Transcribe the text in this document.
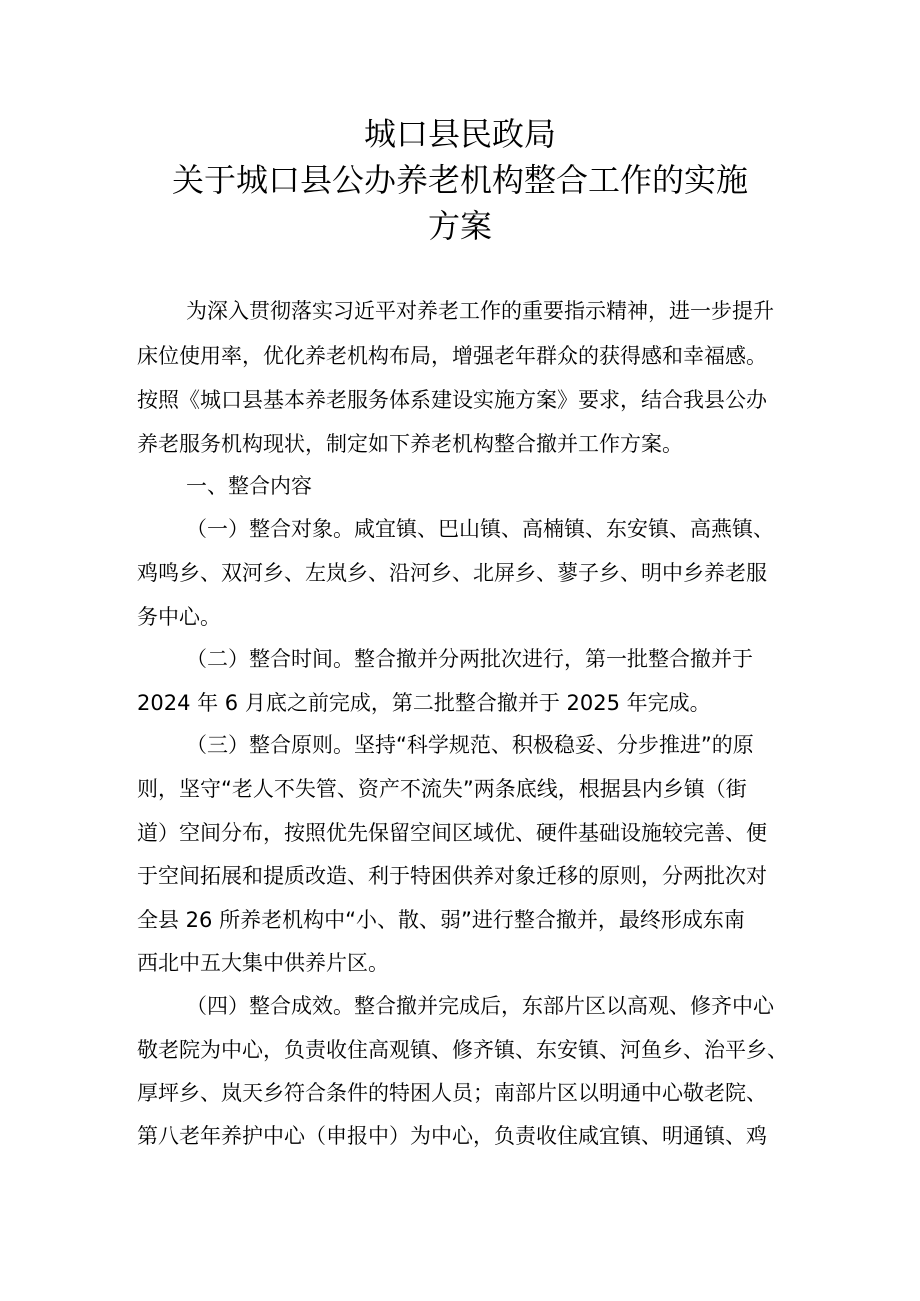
城口县民政局
关于城口县公办养老机构整合工作的实施
方案
为深入贯彻落实习近平对养老工作的重要指示精神，进一步提升
床位使用率，优化养老机构布局，增强老年群众的获得感和幸福感。
按照《城口县基本养老服务体系建设实施方案》要求，结合我县公办
养老服务机构现状，制定如下养老机构整合撤并工作方案。
一、整合内容
（一）整合对象。咸宜镇、巴山镇、高楠镇、东安镇、高燕镇、
鸡鸣乡、双河乡、左岚乡、沿河乡、北屏乡、蓼子乡、明中乡养老服
务中心。
（二）整合时间。整合撤并分两批次进行，第一批整合撤并于
2024 年 6 月底之前完成，第二批整合撤并于 2025 年完成。
（三）整合原则。坚持“科学规范、积极稳妥、分步推进”的原
则，坚守“老人不失管、资产不流失”两条底线，根据县内乡镇（街
道）空间分布，按照优先保留空间区域优、硬件基础设施较完善、便
于空间拓展和提质改造、利于特困供养对象迁移的原则，分两批次对
全县 26 所养老机构中“小、散、弱”进行整合撤并，最终形成东南
西北中五大集中供养片区。
（四）整合成效。整合撤并完成后，东部片区以高观、修齐中心
敬老院为中心，负责收住高观镇、修齐镇、东安镇、河鱼乡、治平乡、
厚坪乡、岚天乡符合条件的特困人员；南部片区以明通中心敬老院、
第八老年养护中心（申报中）为中心，负责收住咸宜镇、明通镇、鸡
